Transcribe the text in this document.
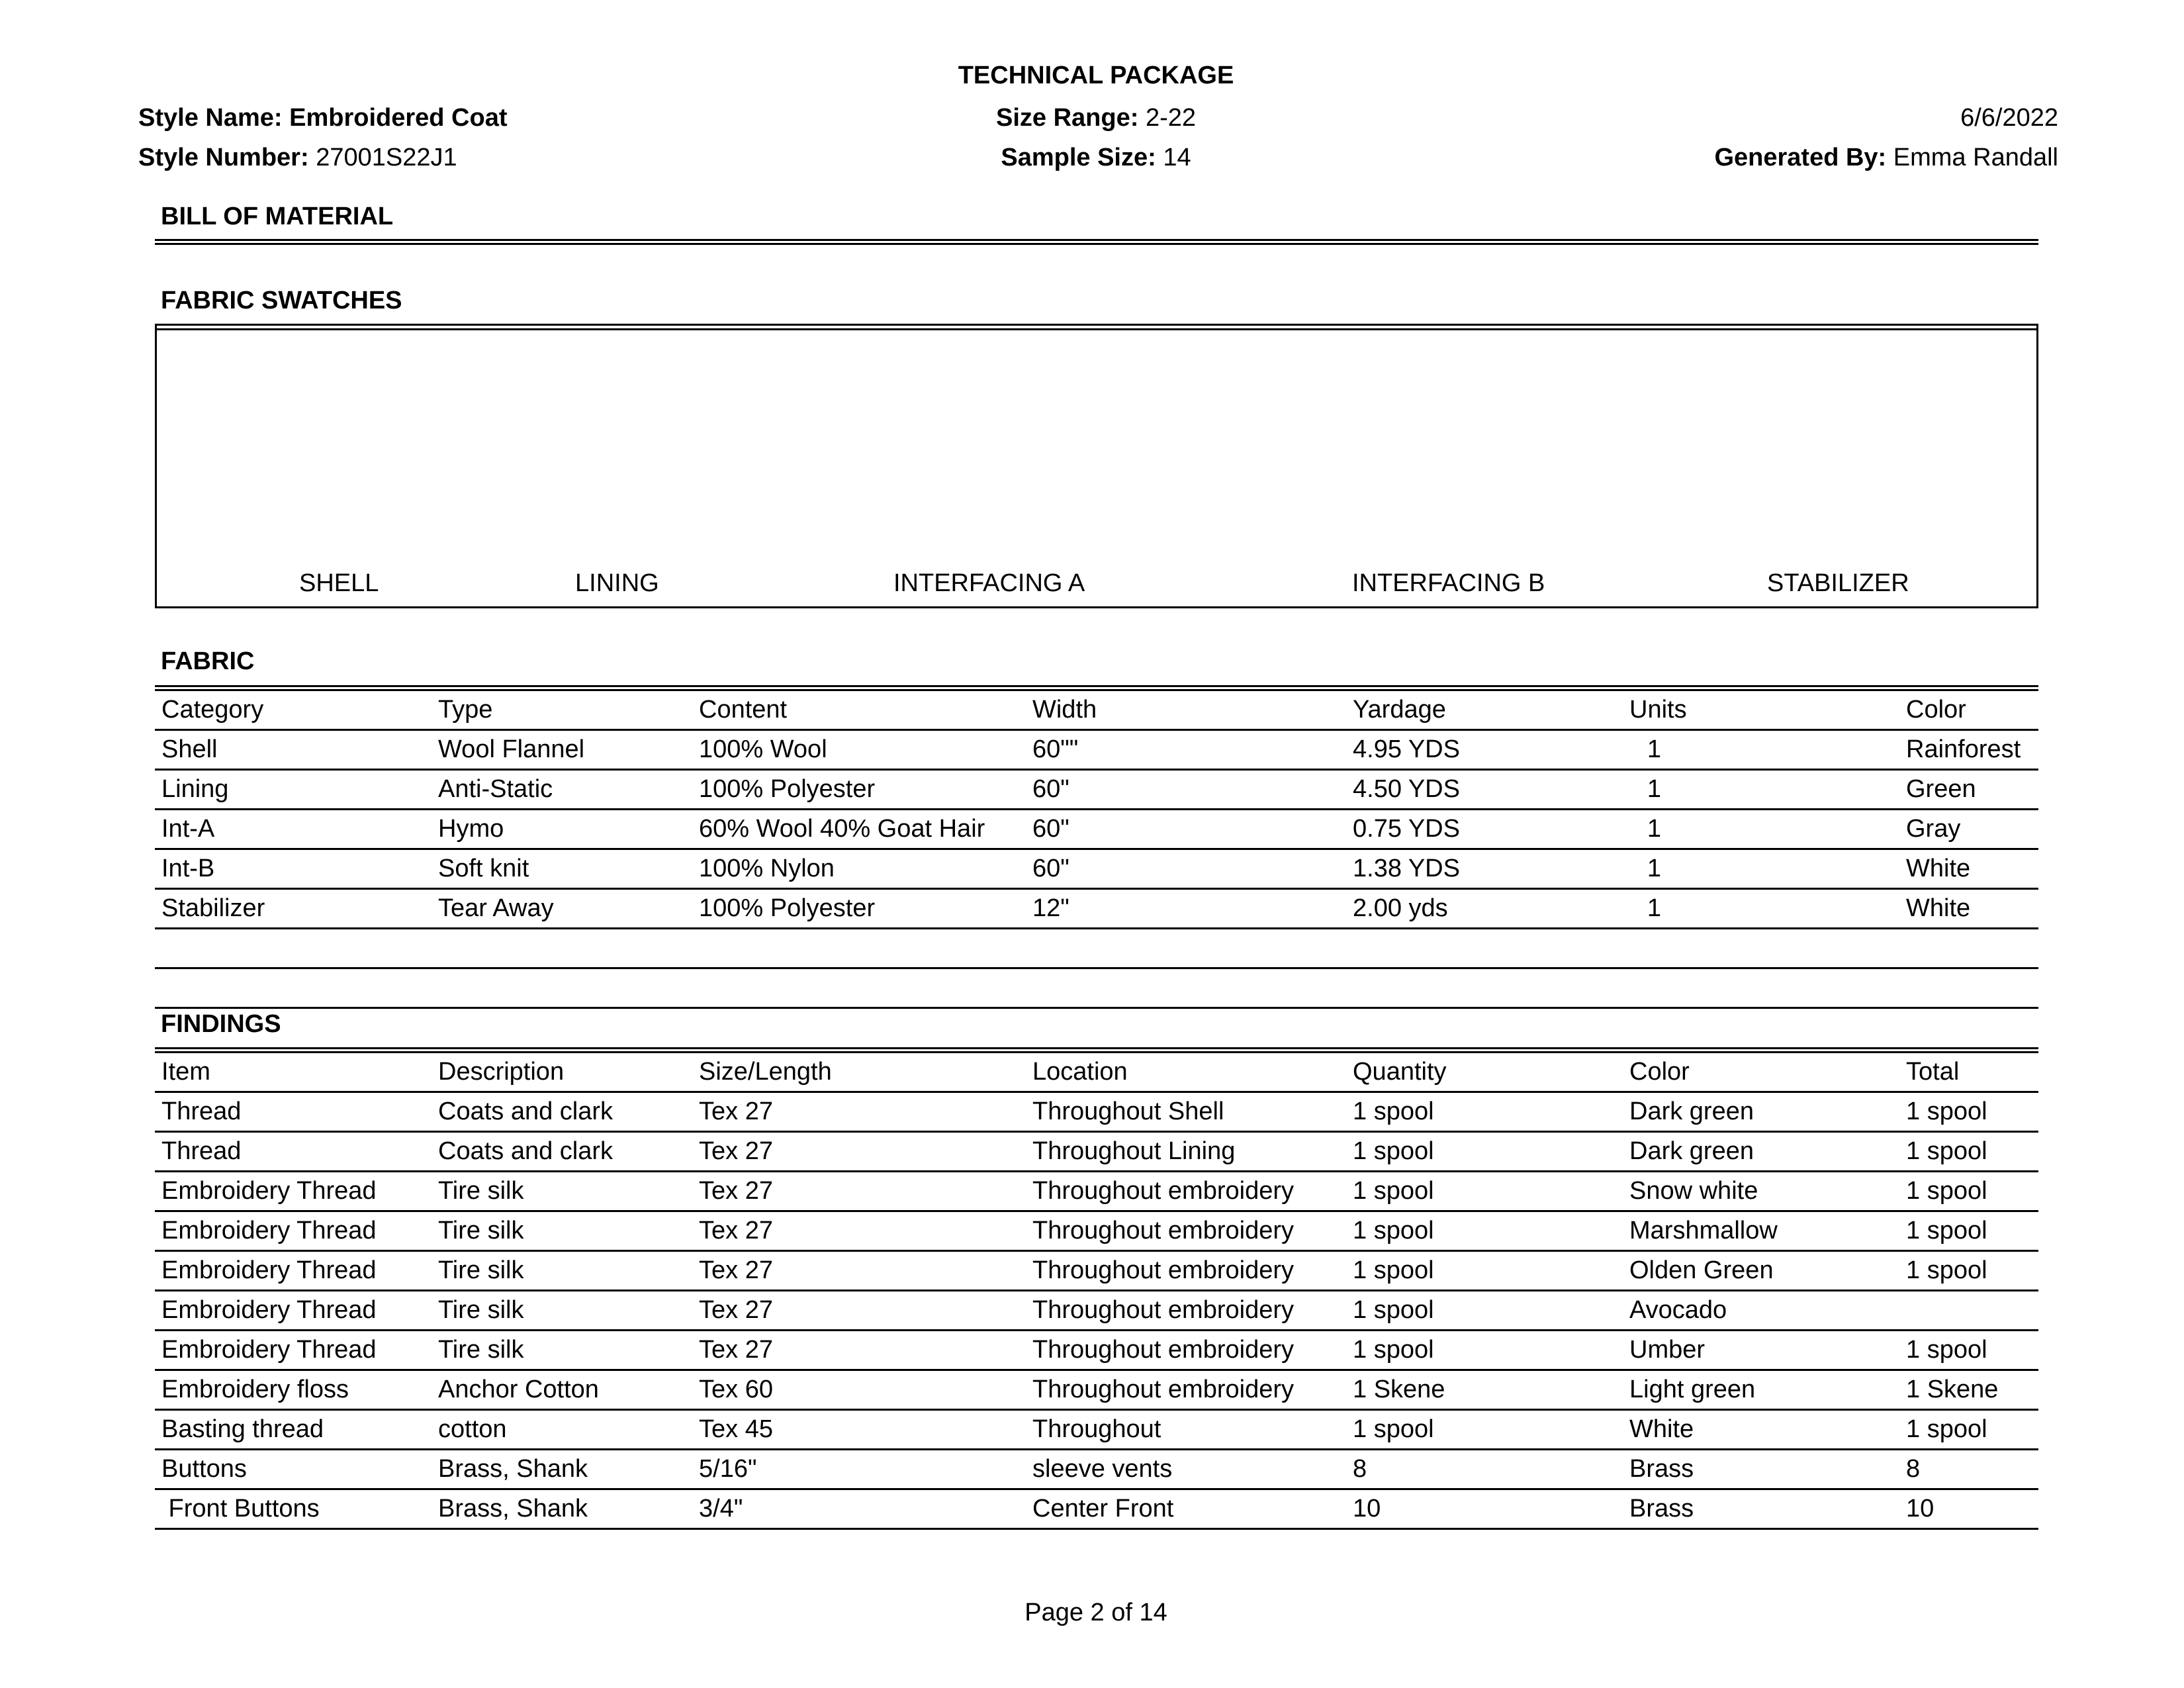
TECHNICAL PACKAGE
Style Name: Embroidered Coat
Style Number: 27001S22J1
Size Range: 2-22
Sample Size: 14
6/6/2022
Generated By: Emma Randall
BILL OF MATERIAL
FABRIC SWATCHES
SHELL	LINING	INTERFACING A	INTERFACING B	STABILIZER
FABRIC
Category	Type	Content	Width	Yardage	Units	Color
Shell	Wool Flannel	100% Wool	60""	4.95 YDS	1	Rainforest
Lining	Anti-Static	100% Polyester	60"	4.50 YDS	1	Green
Int-A	Hymo	60% Wool 40% Goat Hair	60"	0.75 YDS	1	Gray
Int-B	Soft knit	100% Nylon	60"	1.38 YDS	1	White
Stabilizer	Tear Away	100% Polyester	12"	2.00 yds	1	White
FINDINGS
Item	Description	Size/Length	Location	Quantity	Color	Total
Thread	Coats and clark	Tex 27	Throughout Shell	1 spool	Dark green	1 spool
Thread	Coats and clark	Tex 27	Throughout Lining	1 spool	Dark green	1 spool
Embroidery Thread	Tire silk	Tex 27	Throughout embroidery	1 spool	Snow white	1 spool
Embroidery Thread	Tire silk	Tex 27	Throughout embroidery	1 spool	Marshmallow	1 spool
Embroidery Thread	Tire silk	Tex 27	Throughout embroidery	1 spool	Olden Green	1 spool
Embroidery Thread	Tire silk	Tex 27	Throughout embroidery	1 spool	Avocado	
Embroidery Thread	Tire silk	Tex 27	Throughout embroidery	1 spool	Umber	1 spool
Embroidery floss	Anchor Cotton	Tex 60	Throughout embroidery	1 Skene	Light green	1 Skene
Basting thread	cotton	Tex 45	Throughout	1 spool	White	1 spool
Buttons	Brass, Shank	5/16"	sleeve vents	8	Brass	8
Front Buttons	Brass, Shank	3/4"	Center Front	10	Brass	10
Page 2 of 14
